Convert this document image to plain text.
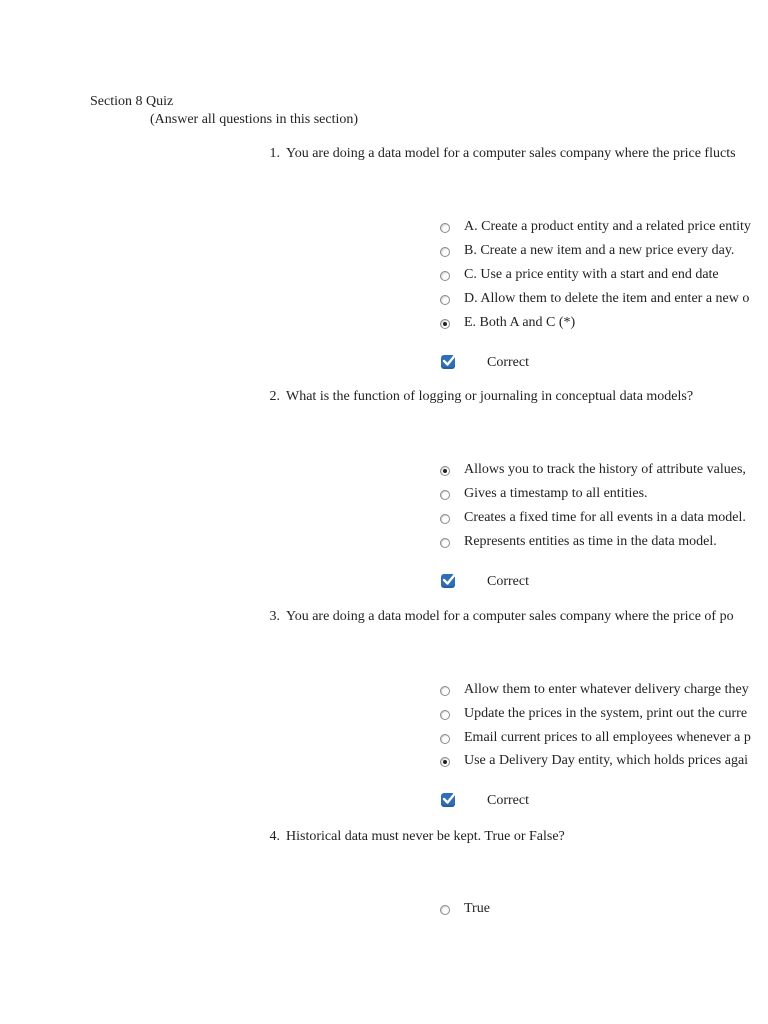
Section 8 Quiz
(Answer all questions in this section)
1. You are doing a data model for a computer sales company where the price flucts
A. Create a product entity and a related price entity
B. Create a new item and a new price every day.
C. Use a price entity with a start and end date
D. Allow them to delete the item and enter a new o
E. Both A and C (*)
Correct
2. What is the function of logging or journaling in conceptual data models?
Allows you to track the history of attribute values,
Gives a timestamp to all entities.
Creates a fixed time for all events in a data model.
Represents entities as time in the data model.
Correct
3. You are doing a data model for a computer sales company where the price of po
Allow them to enter whatever delivery charge they
Update the prices in the system, print out the curre
Email current prices to all employees whenever a p
Use a Delivery Day entity, which holds prices agai
Correct
4. Historical data must never be kept. True or False?
True
